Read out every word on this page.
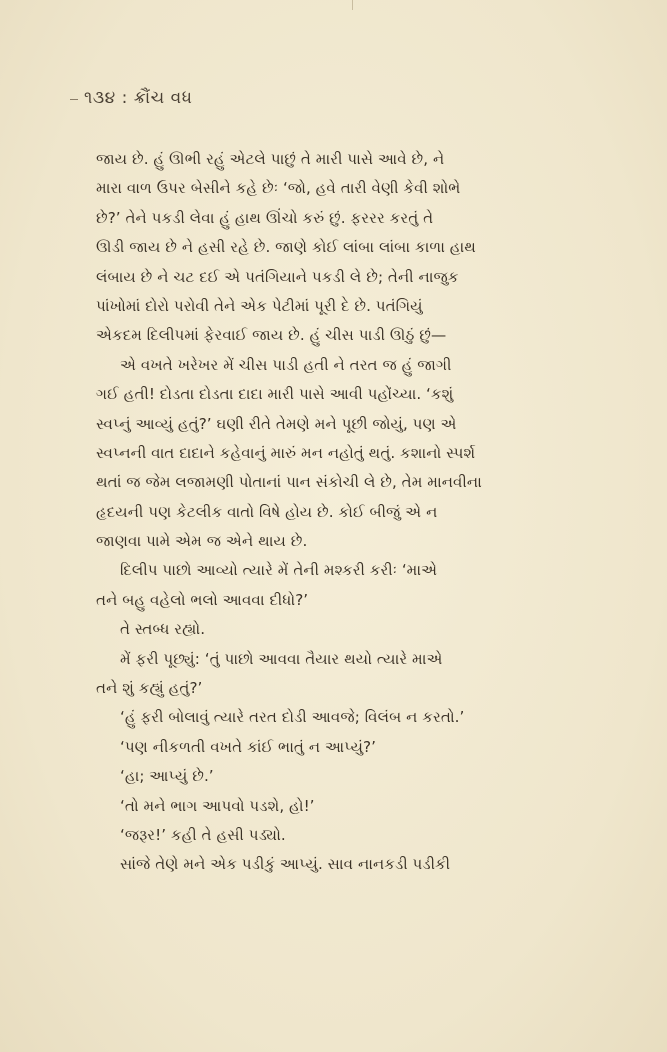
૧૩૪ : ક્રૌંચ વધ
જાય છે. હું ઊભી રહું એટલે પાછું તે મારી પાસે આવે છે, ને
મારા વાળ ઉપર બેસીને કહે છેઃ ‘જો, હવે તારી વેણી કેવી શોભે
છે?’ તેને પકડી લેવા હું હાથ ઊંચો કરું છું. ફરરર કરતું તે
ઊડી જાય છે ને હસી રહે છે. જાણે કોઈ લાંબા લાંબા કાળા હાથ
લંબાય છે ને ચટ દઈ એ પતંગિયાને પકડી લે છે; તેની નાજુક
પાંખોમાં દોરો પરોવી તેને એક પેટીમાં પૂરી દે છે. પતંગિયું
એકદમ દિલીપમાં ફેરવાઈ જાય છે. હું ચીસ પાડી ઊઠું છું—
એ વખતે ખરેખર મેં ચીસ પાડી હતી ને તરત જ હું જાગી
ગઈ હતી! દોડતા દોડતા દાદા મારી પાસે આવી પહોંચ્યા. ‘કશું
સ્વપ્નું આવ્યું હતું?’ ઘણી રીતે તેમણે મને પૂછી જોયું, પણ એ
સ્વપ્નની વાત દાદાને કહેવાનું મારું મન નહોતું થતું. કશાનો સ્પર્શ
થતાં જ જેમ લજામણી પોતાનાં પાન સંકોચી લે છે, તેમ માનવીના
હૃદયની પણ કેટલીક વાતો વિષે હોય છે. કોઈ બીજું એ ન
જાણવા પામે એમ જ એને થાય છે.
દિલીપ પાછો આવ્યો ત્યારે મેં તેની મશ્કરી કરીઃ ‘માએ
તને બહુ વહેલો ભલો આવવા દીધો?’
તે સ્તબ્ધ રહ્યો.
મેં ફરી પૂછ્યું: ‘તું પાછો આવવા તૈયાર થયો ત્યારે માએ
તને શું કહ્યું હતું?’
‘હું ફરી બોલાવું ત્યારે તરત દોડી આવજે; વિલંબ ન કરતો.’
‘પણ નીકળતી વખતે કાંઈ ભાતું ન આપ્યું?’
‘હા; આપ્યું છે.’
‘તો મને ભાગ આપવો પડશે, હો!’
‘જરૂર!’ કહી તે હસી પડ્યો.
સાંજે તેણે મને એક પડીકું આપ્યું. સાવ નાનકડી પડીકી
